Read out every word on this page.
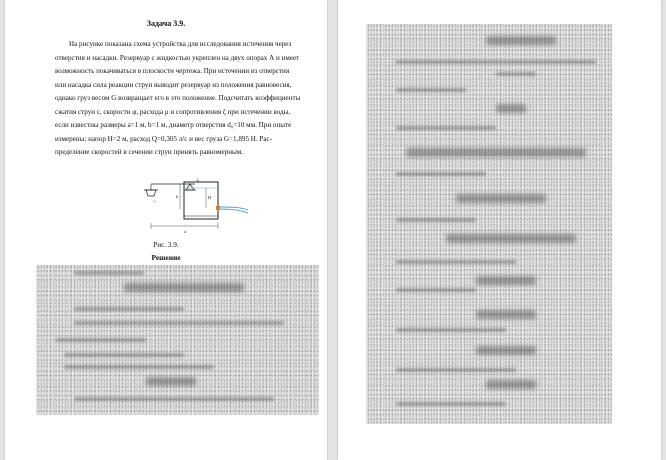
Задача 3.9.

На рисунке показана схема устройства для исследования истечения через
отверстия и насадки. Резервуар с жидкостью укреплен на двух опорах А и имеет
возможность покачиваться в плоскости чертежа. При истечении из отверстия
или насадка сила реакции струи выводит резервуар из положения равновесия,
однако груз весом G возвращает его в это положение. Подсчитать коэффициенты
сжатия струи ε, скорости φ, расхода μ и сопротивления ζ при истечении воды,
если известны размеры a=1 м, b=1 м, диаметр отверстия d₀=10 мм. При опыте
измерены: напор H=2 м, расход Q=0,305 л/с и вес груза G=1,895 Н. Рас-
пределение скоростей в сечении струи принять равномерным.

G
A
H
b
a
Рис. 3.9.
Решение
